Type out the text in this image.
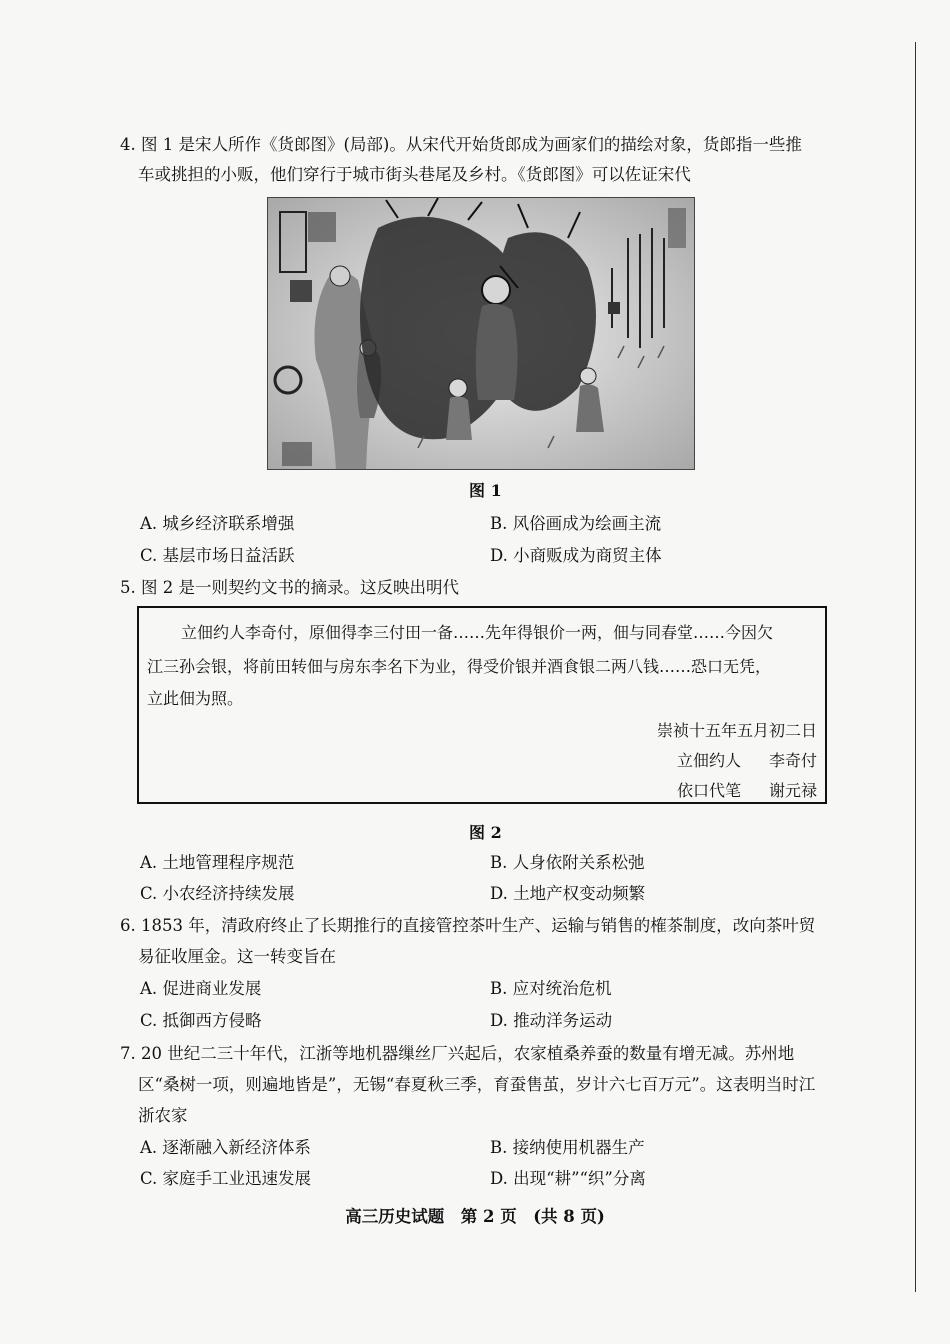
4. 图 1 是宋人所作《货郎图》(局部)。从宋代开始货郎成为画家们的描绘对象，货郎指一些推
车或挑担的小贩，他们穿行于城市街头巷尾及乡村。《货郎图》可以佐证宋代
图 1
A. 城乡经济联系增强	B. 风俗画成为绘画主流
C. 基层市场日益活跃	D. 小商贩成为商贸主体
5. 图 2 是一则契约文书的摘录。这反映出明代
立佃约人李奇付，原佃得李三付田一备……先年得银价一两，佃与同春堂……今因欠
江三孙会银，将前田转佃与房东李名下为业，得受价银并酒食银二两八钱……恐口无凭，
立此佃为照。
崇祯十五年五月初二日
立佃约人 李奇付
依口代笔 谢元禄
图 2
A. 土地管理程序规范	B. 人身依附关系松弛
C. 小农经济持续发展	D. 土地产权变动频繁
6. 1853 年，清政府终止了长期推行的直接管控茶叶生产、运输与销售的榷茶制度，改向茶叶贸
易征收厘金。这一转变旨在
A. 促进商业发展	B. 应对统治危机
C. 抵御西方侵略	D. 推动洋务运动
7. 20 世纪二三十年代，江浙等地机器缫丝厂兴起后，农家植桑养蚕的数量有增无减。苏州地
区“桑树一项，则遍地皆是”，无锡“春夏秋三季，育蚕售茧，岁计六七百万元”。这表明当时江
浙农家
A. 逐渐融入新经济体系	B. 接纳使用机器生产
C. 家庭手工业迅速发展	D. 出现“耕”“织”分离
高三历史试题　第 2 页　(共 8 页)
